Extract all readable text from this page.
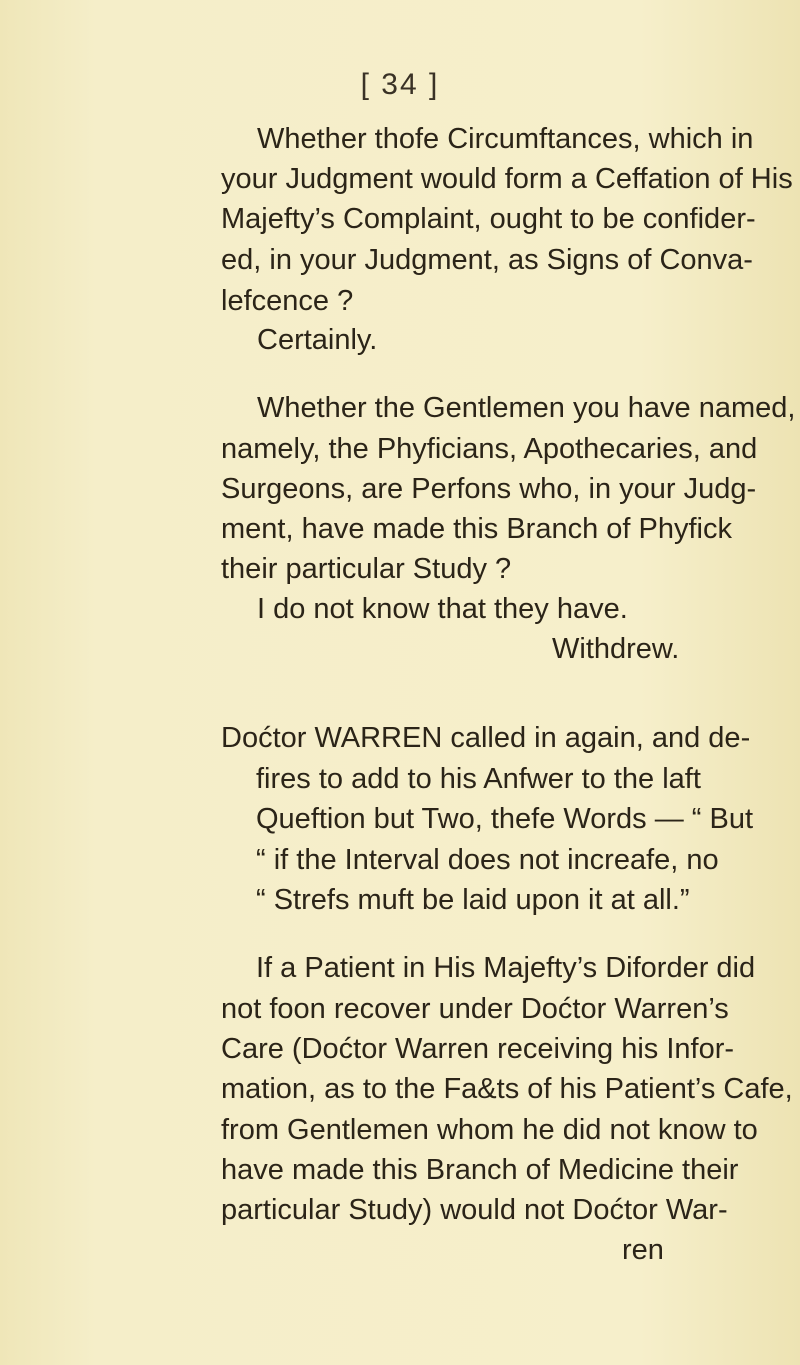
[ 34 ]
Whether thofe Circumftances, which in
your Judgment would form a Ceffation of His
Majefty’s Complaint, ought to be confider-
ed, in your Judgment, as Signs of Conva-
lefcence ?
Certainly.
Whether the Gentlemen you have named,
namely, the Phyficians, Apothecaries, and
Surgeons, are Perfons who, in your Judg-
ment, have made this Branch of Phyfick
their particular Study ?
I do not know that they have.
Withdrew.
Doćtor WARREN called in again, and de-
fires to add to his Anfwer to the laft
Queftion but Two, thefe Words — “ But
“ if the Interval does not increafe, no
“ Strefs muft be laid upon it at all.”
If a Patient in His Majefty’s Diforder did
not foon recover under Doćtor Warren’s
Care (Doćtor Warren receiving his Infor-
mation, as to the Fa&ts of his Patient’s Cafe,
from Gentlemen whom he did not know to
have made this Branch of Medicine their
particular Study) would not Doćtor War-
ren
